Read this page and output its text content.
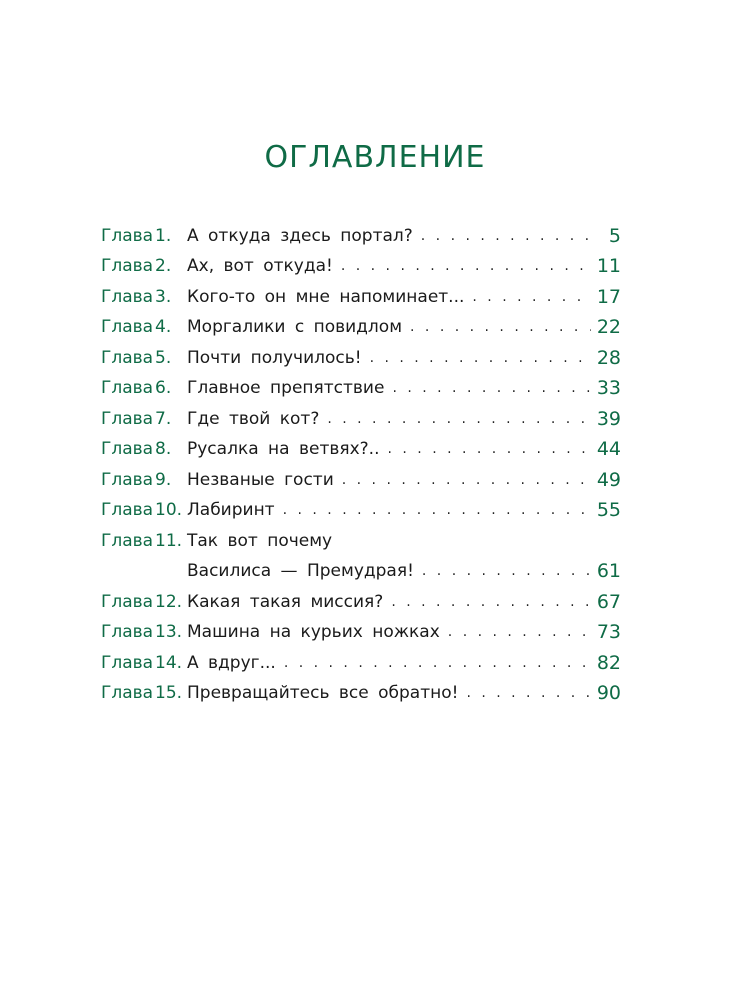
ОГЛАВЛЕНИЕ
Глава 1. А откуда здесь портал? . . .	5
Глава 2. Ах, вот откуда! . . .	11
Глава 3. Кого-то он мне напоминает... . . .	17
Глава 4. Моргалики с повидлом . . .	22
Глава 5. Почти получилось! . . .	28
Глава 6. Главное препятствие . . .	33
Глава 7. Где твой кот? . . .	39
Глава 8. Русалка на ветвях?.. . . .	44
Глава 9. Незваные гости . . .	49
Глава 10. Лабиринт . . .	55
Глава 11. Так вот почему
Василиса — Премудрая! . . .	61
Глава 12. Какая такая миссия? . . .	67
Глава 13. Машина на курьих ножках . . .	73
Глава 14. А вдруг... . . .	82
Глава 15. Превращайтесь все обратно! . . .	90
